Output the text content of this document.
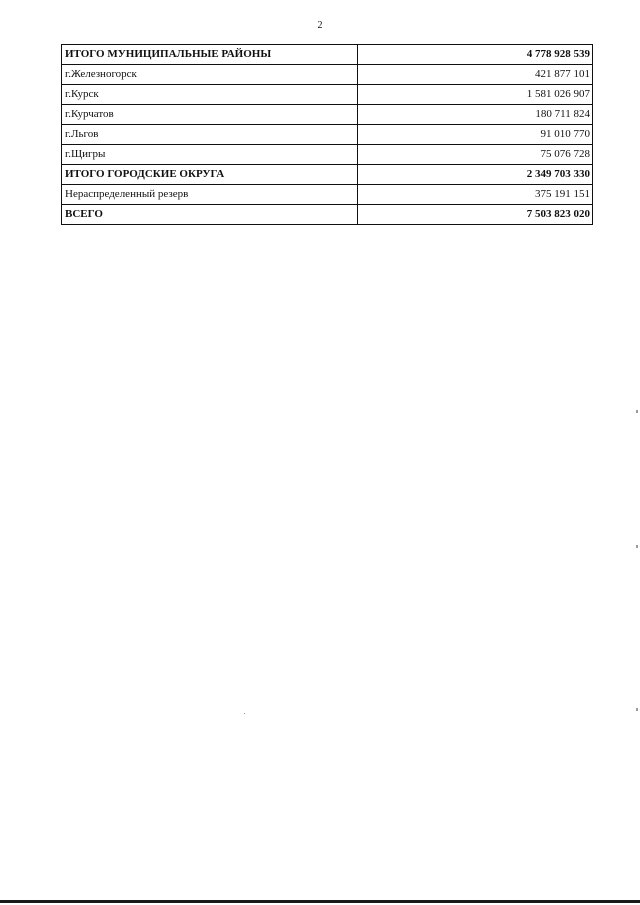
2
ИТОГО МУНИЦИПАЛЬНЫЕ РАЙОНЫ	4 778 928 539
г.Железногорск	421 877 101
г.Курск	1 581 026 907
г.Курчатов	180 711 824
г.Льгов	91 010 770
г.Щигры	75 076 728
ИТОГО ГОРОДСКИЕ ОКРУГА	2 349 703 330
Нераспределенный резерв	375 191 151
ВСЕГО	7 503 823 020
